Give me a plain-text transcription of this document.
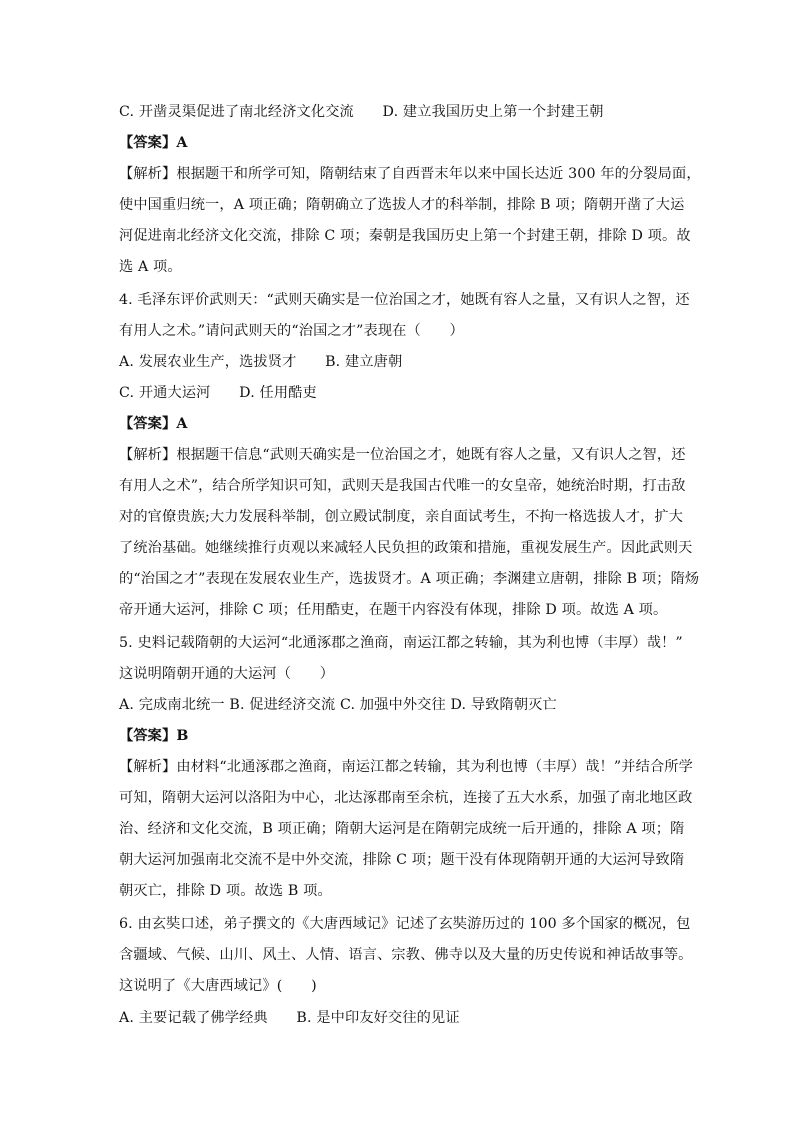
C. 开凿灵渠促进了南北经济文化交流　　D. 建立我国历史上第一个封建王朝
【答案】A
【解析】根据题干和所学可知，隋朝结束了自西晋末年以来中国长达近 300 年的分裂局面，
使中国重归统一，A 项正确；隋朝确立了选拔人才的科举制，排除 B 项；隋朝开凿了大运
河促进南北经济文化交流，排除 C 项；秦朝是我国历史上第一个封建王朝，排除 D 项。故
选 A 项。
4. 毛泽东评价武则天：“武则天确实是一位治国之才，她既有容人之量，又有识人之智，还
有用人之术。”请问武则天的“治国之才”表现在（　　）
A. 发展农业生产，选拔贤才　　B. 建立唐朝
C. 开通大运河　　D. 任用酷吏
【答案】A
【解析】根据题干信息“武则天确实是一位治国之才，她既有容人之量，又有识人之智，还
有用人之术”，结合所学知识可知，武则天是我国古代唯一的女皇帝，她统治时期，打击敌
对的官僚贵族;大力发展科举制，创立殿试制度，亲自面试考生，不拘一格选拔人才，扩大
了统治基础。她继续推行贞观以来减轻人民负担的政策和措施，重视发展生产。因此武则天
的“治国之才”表现在发展农业生产，选拔贤才。A 项正确；李渊建立唐朝，排除 B 项；隋炀
帝开通大运河，排除 C 项；任用酷吏，在题干内容没有体现，排除 D 项。故选 A 项。
5. 史料记载隋朝的大运河“北通涿郡之渔商，南运江都之转输，其为利也博（丰厚）哉！”
这说明隋朝开通的大运河（　　）
A. 完成南北统一 B. 促进经济交流 C. 加强中外交往 D. 导致隋朝灭亡
【答案】B
【解析】由材料“北通涿郡之渔商，南运江都之转输，其为利也博（丰厚）哉！”并结合所学
可知，隋朝大运河以洛阳为中心，北达涿郡南至余杭，连接了五大水系，加强了南北地区政
治、经济和文化交流，B 项正确；隋朝大运河是在隋朝完成统一后开通的，排除 A 项；隋
朝大运河加强南北交流不是中外交流，排除 C 项；题干没有体现隋朝开通的大运河导致隋
朝灭亡，排除 D 项。故选 B 项。
6. 由玄奘口述，弟子撰文的《大唐西域记》记述了玄奘游历过的 100 多个国家的概况，包
含疆域、气候、山川、风土、人情、语言、宗教、佛寺以及大量的历史传说和神话故事等。
这说明了《大唐西域记》(　　)
A. 主要记载了佛学经典　　B. 是中印友好交往的见证
